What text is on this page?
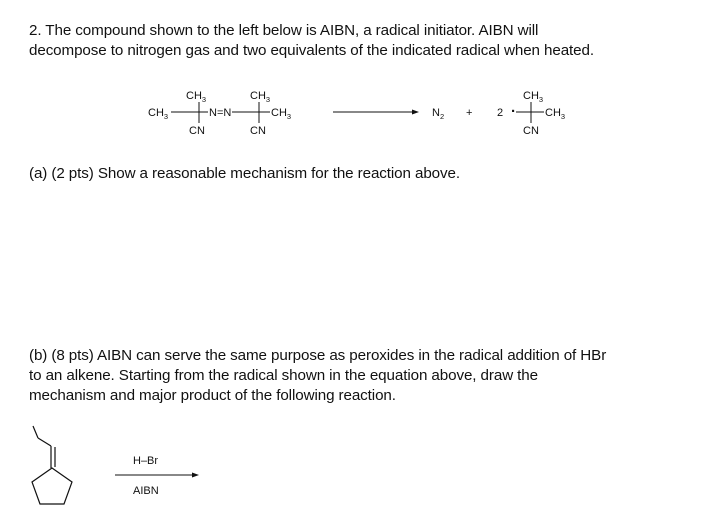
2. The compound shown to the left below is AIBN, a radical initiator. AIBN will
decompose to nitrogen gas and two equivalents of the indicated radical when heated.
$CH_3$	$CH_3$
$CH_3$	N=N	$CH_3$
CN	CN
$N_2 + 2$ ·
$CH_3$
$CH_3$
CN
H–Br
AIBN
(a) (2 pts) Show a reasonable mechanism for the reaction above.
(b) (8 pts) AIBN can serve the same purpose as peroxides in the radical addition of HBr
to an alkene. Starting from the radical shown in the equation above, draw the
mechanism and major product of the following reaction.
